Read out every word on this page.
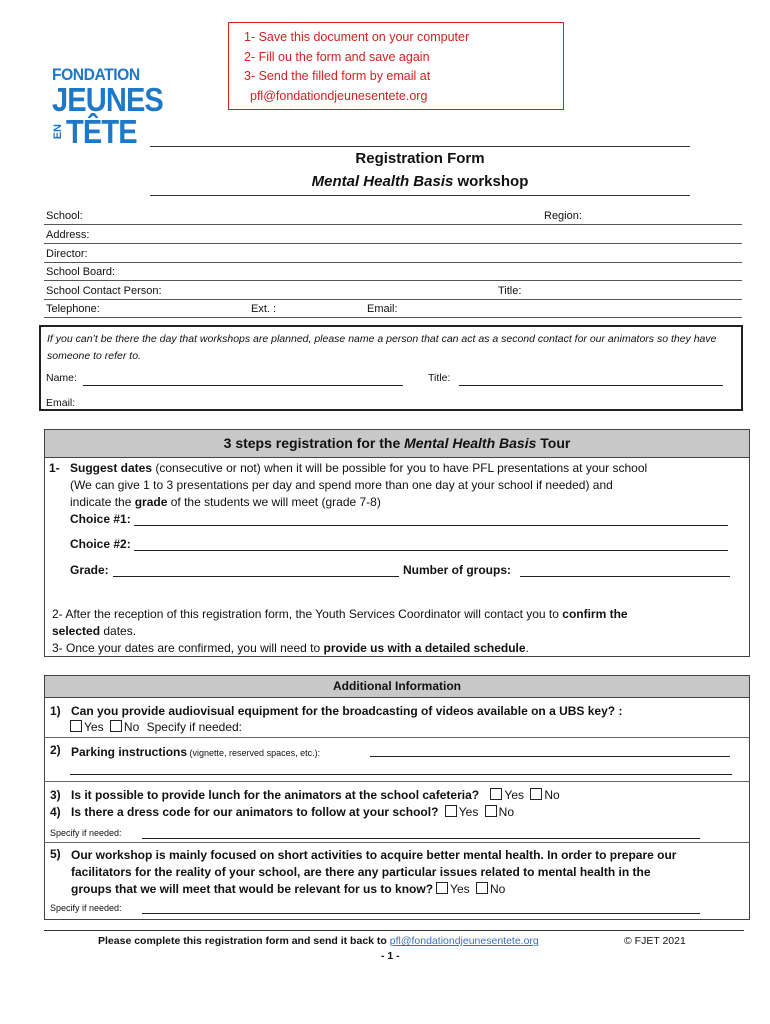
FONDATION
JEUNES
EN TÊTE
1- Save this document on your computer
2- Fill ou the form and save again
3- Send the filled form by email at
pfl@fondationdjeunesentete.org
Registration Form
Mental Health Basis workshop
School:	Region:
Address:
Director:
School Board:
School Contact Person:	Title:
Telephone:	Ext. :	Email:
If you can’t be there the day that workshops are planned, please name a person that can act as a second contact for our animators so they have someone to refer to.
Name:	Title:
Email:
3 steps registration for the Mental Health Basis Tour
1- Suggest dates (consecutive or not) when it will be possible for you to have PFL presentations at your school
(We can give 1 to 3 presentations per day and spend more than one day at your school if needed) and
indicate the grade of the students we will meet (grade 7-8)
Choice #1:
Choice #2:
Grade:	Number of groups:
2- After the reception of this registration form, the Youth Services Coordinator will contact you to confirm the
selected dates.
3- Once your dates are confirmed, you will need to provide us with a detailed schedule.
Additional Information
1) Can you provide audiovisual equipment for the broadcasting of videos available on a UBS key? :
Yes No Specify if needed:
2) Parking instructions (vignette, reserved spaces, etc.):
3) Is it possible to provide lunch for the animators at the school cafeteria? Yes No
4) Is there a dress code for our animators to follow at your school? Yes No
Specify if needed:
5) Our workshop is mainly focused on short activities to acquire better mental health. In order to prepare our
facilitators for the reality of your school, are there any particular issues related to mental health in the
groups that we will meet that would be relevant for us to know? Yes No
Specify if needed:
Please complete this registration form and send it back to pfl@fondationdjeunesentete.org	© FJET 2021
- 1 -
